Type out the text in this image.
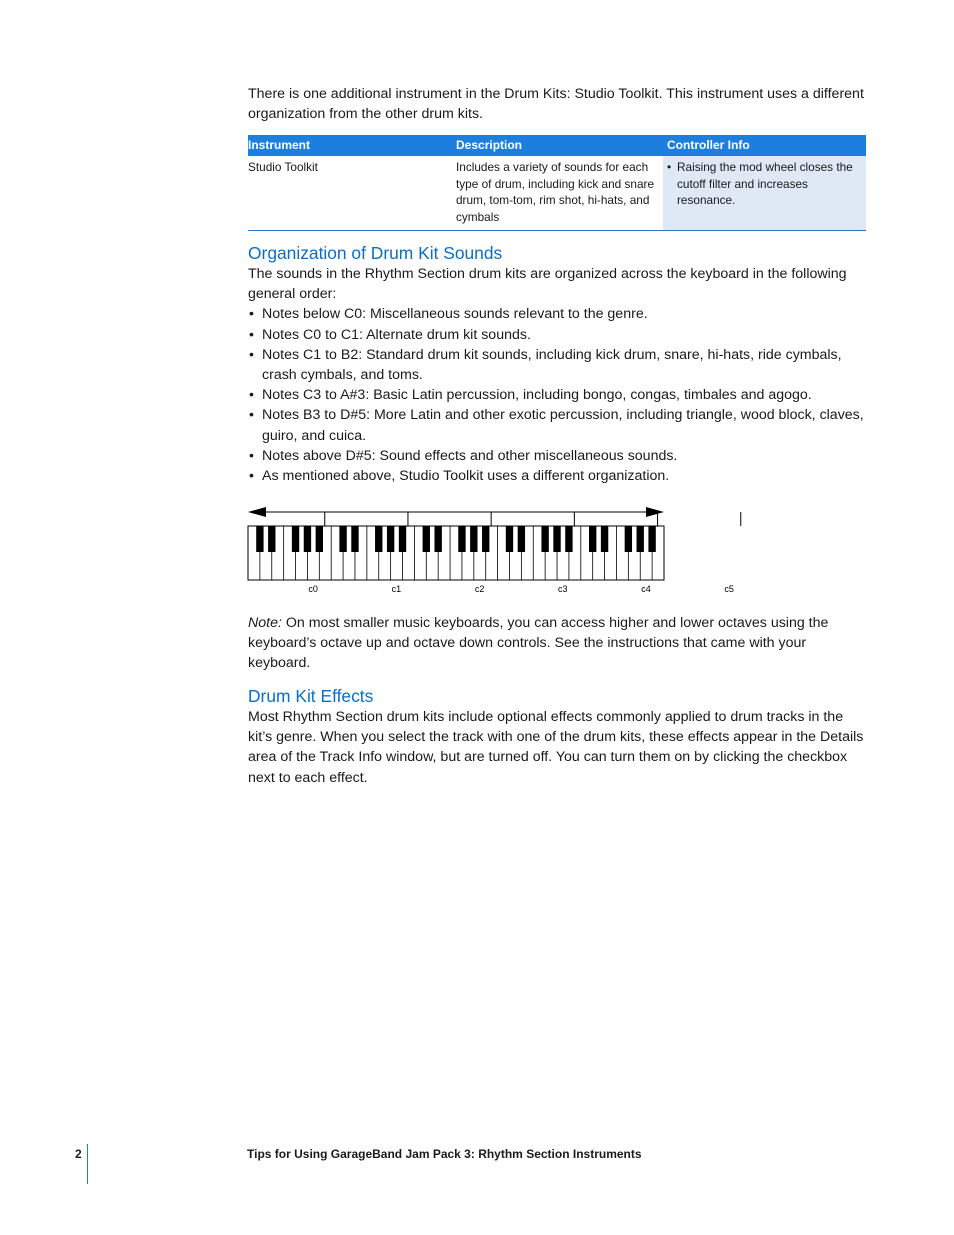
There is one additional instrument in the Drum Kits: Studio Toolkit. This instrument uses a different organization from the other drum kits.

Instrument	Description	Controller Info
Studio Toolkit	Includes a variety of sounds for each type of drum, including kick and snare drum, tom-tom, rim shot, hi-hats, and cymbals	• Raising the mod wheel closes the cutoff filter and increases resonance.
Organization of Drum Kit Sounds

The sounds in the Rhythm Section drum kits are organized across the keyboard in the following general order:

• Notes below C0: Miscellaneous sounds relevant to the genre.
• Notes C0 to C1: Alternate drum kit sounds.
• Notes C1 to B2: Standard drum kit sounds, including kick drum, snare, hi-hats, ride cymbals, crash cymbals, and toms.
• Notes C3 to A#3: Basic Latin percussion, including bongo, congas, timbales and agogo.
• Notes B3 to D#5: More Latin and other exotic percussion, including triangle, wood block, claves, guiro, and cuica.
• Notes above D#5: Sound effects and other miscellaneous sounds.
• As mentioned above, Studio Toolkit uses a different organization.
c0	c1	c2	c3	c4	c5

Note: On most smaller music keyboards, you can access higher and lower octaves using the keyboard’s octave up and octave down controls. See the instructions that came with your keyboard.

Drum Kit Effects

Most Rhythm Section drum kits include optional effects commonly applied to drum tracks in the kit’s genre. When you select the track with one of the drum kits, these effects appear in the Details area of the Track Info window, but are turned off. You can turn them on by clicking the checkbox next to each effect.

2	Tips for Using GarageBand Jam Pack 3: Rhythm Section Instruments
